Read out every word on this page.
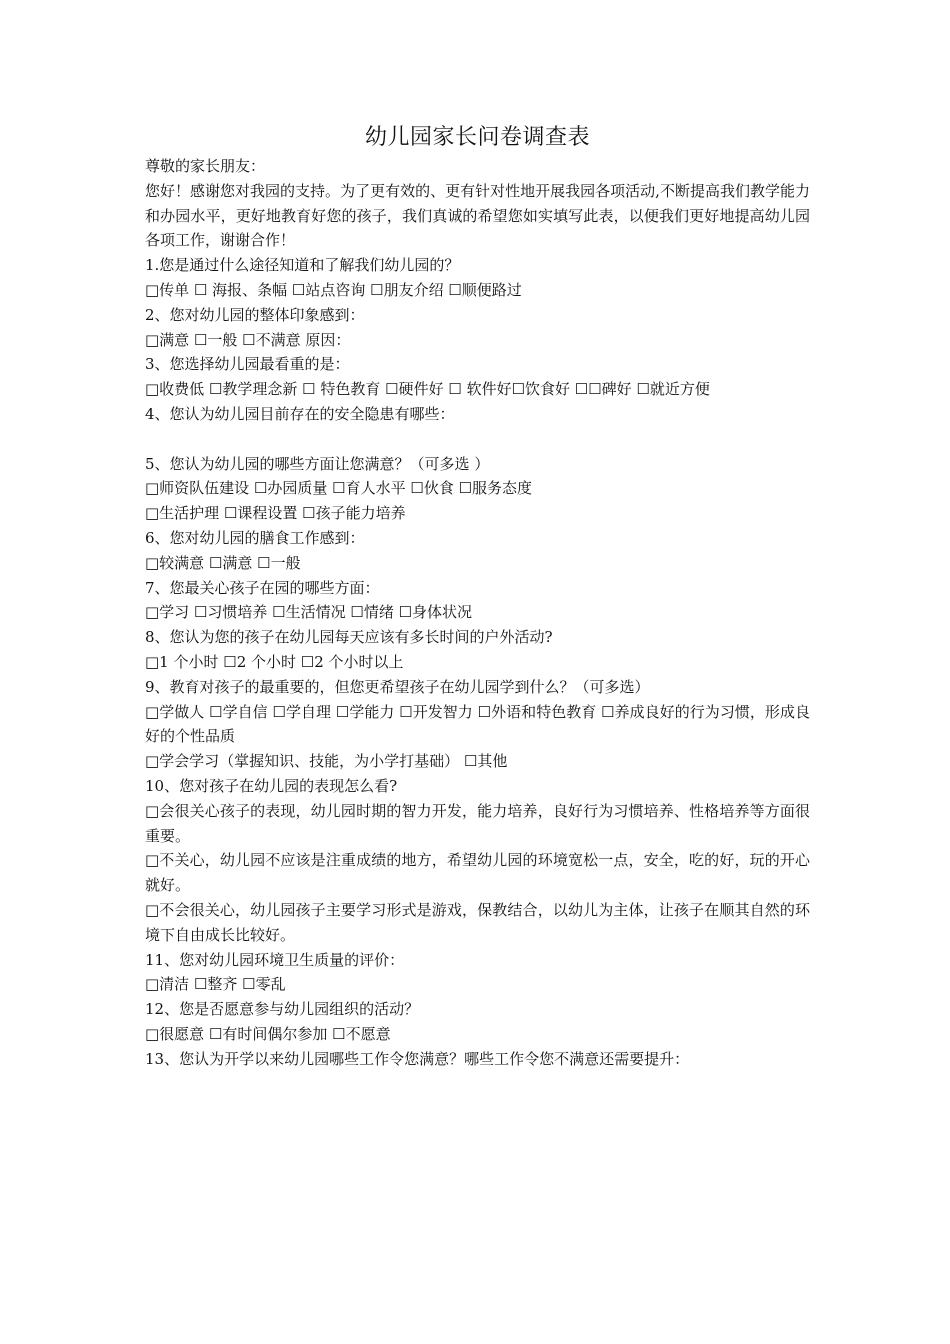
幼儿园家长问卷调查表

尊敬的家长朋友：

您好！感谢您对我园的支持。为了更有效的、更有针对性地开展我园各项活动,不断提高我们教学能力和办园水平，更好地教育好您的孩子，我们真诚的希望您如实填写此表，以便我们更好地提高幼儿园各项工作，谢谢合作！

1.您是通过什么途径知道和了解我们幼儿园的？

□传单 ☐ 海报、条幅 ☐站点咨询 ☐朋友介绍 ☐顺便路过

2、您对幼儿园的整体印象感到：

□满意 ☐一般 ☐不满意 原因：

3、您选择幼儿园最看重的是：

□收费低 ☐教学理念新 ☐ 特色教育 ☐硬件好 ☐ 软件好☐饮食好 ☐☐碑好 ☐就近方便

4、您认为幼儿园目前存在的安全隐患有哪些：

5、您认为幼儿园的哪些方面让您满意？（可多选 ）

□师资队伍建设 ☐办园质量 ☐育人水平 ☐伙食 ☐服务态度

□生活护理 ☐课程设置 ☐孩子能力培养

6、您对幼儿园的膳食工作感到：

□较满意 ☐满意 ☐一般

7、您最关心孩子在园的哪些方面：

□学习 ☐习惯培养 ☐生活情况 ☐情绪 ☐身体状况

8、您认为您的孩子在幼儿园每天应该有多长时间的户外活动?

□1 个小时 ☐2 个小时 ☐2 个小时以上

9、教育对孩子的最重要的，但您更希望孩子在幼儿园学到什么？（可多选）

□学做人 ☐学自信 ☐学自理 ☐学能力 ☐开发智力 ☐外语和特色教育 ☐养成良好的行为习惯，形成良好的个性品质

□学会学习（掌握知识、技能，为小学打基础） ☐其他

10、您对孩子在幼儿园的表现怎么看?

□会很关心孩子的表现，幼儿园时期的智力开发，能力培养，良好行为习惯培养、性格培养等方面很重要。

□不关心，幼儿园不应该是注重成绩的地方，希望幼儿园的环境宽松一点，安全，吃的好，玩的开心就好。

□不会很关心，幼儿园孩子主要学习形式是游戏，保教结合，以幼儿为主体，让孩子在顺其自然的环境下自由成长比较好。

11、您对幼儿园环境卫生质量的评价：

□清洁 ☐整齐 ☐零乱

12、您是否愿意参与幼儿园组织的活动？

□很愿意 ☐有时间偶尔参加 ☐不愿意

13、您认为开学以来幼儿园哪些工作令您满意？哪些工作令您不满意还需要提升：
